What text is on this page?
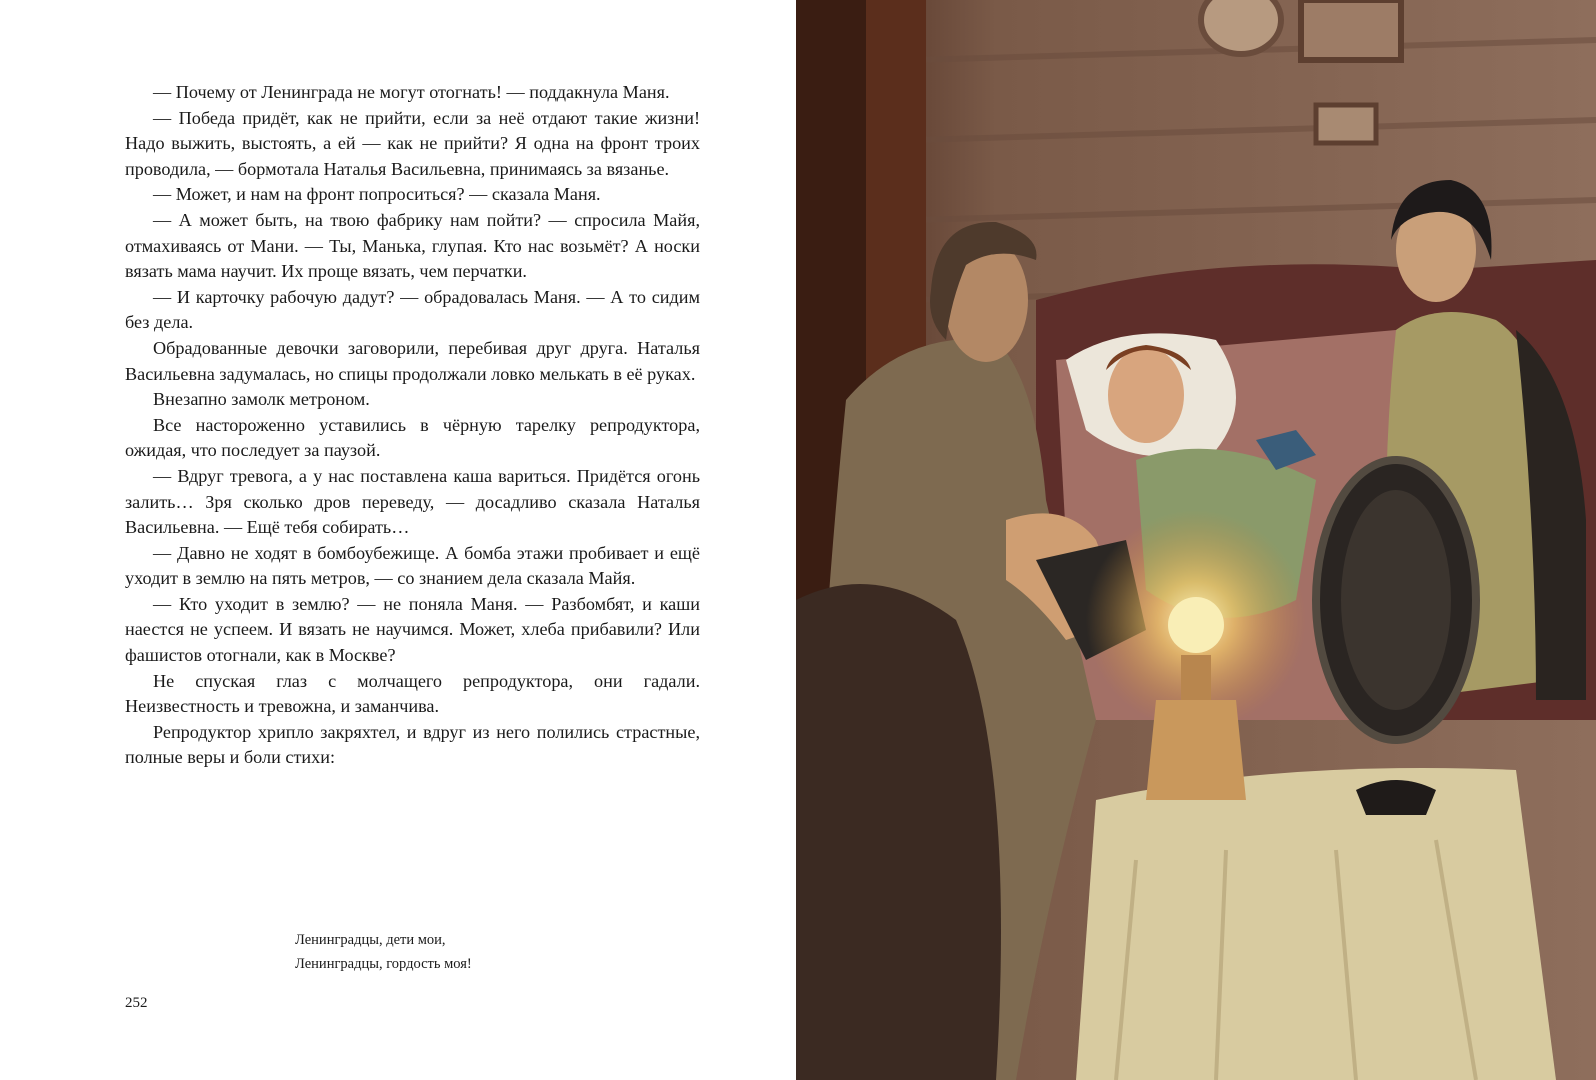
— Почему от Ленинграда не могут отогнать! — поддакнула Маня.

— Победа придёт, как не прийти, если за неё отдают такие жизни! Надо выжить, выстоять, а ей — как не прийти? Я одна на фронт троих проводила, — бормотала Наталья Васильевна, принимаясь за вязанье.

— Может, и нам на фронт попроситься? — сказала Маня.

— А может быть, на твою фабрику нам пойти? — спросила Майя, отмахиваясь от Мани. — Ты, Манька, глупая. Кто нас возьмёт? А носки вязать мама научит. Их проще вязать, чем перчатки.

— И карточку рабочую дадут? — обрадовалась Маня. — А то сидим без дела.

Обрадованные девочки заговорили, перебивая друг друга. Наталья Васильевна задумалась, но спицы продолжали ловко мелькать в её руках.

Внезапно замолк метроном.

Все настороженно уставились в чёрную тарелку репродуктора, ожидая, что последует за паузой.

— Вдруг тревога, а у нас поставлена каша вариться. Придётся огонь залить… Зря сколько дров переведу, — досадливо сказала Наталья Васильевна. — Ещё тебя собирать…

— Давно не ходят в бомбоубежище. А бомба этажи пробивает и ещё уходит в землю на пять метров, — со знанием дела сказала Майя.

— Кто уходит в землю? — не поняла Маня. — Разбомбят, и каши наестся не успеем. И вязать не научимся. Может, хлеба прибавили? Или фашистов отогнали, как в Москве?

Не спуская глаз с молчащего репродуктора, они гадали. Неизвестность и тревожна, и заманчива.

Репродуктор хрипло закряхтел, и вдруг из него полились страстные, полные веры и боли стихи:

Ленинградцы, дети мои,
Ленинградцы, гордость моя!
252
